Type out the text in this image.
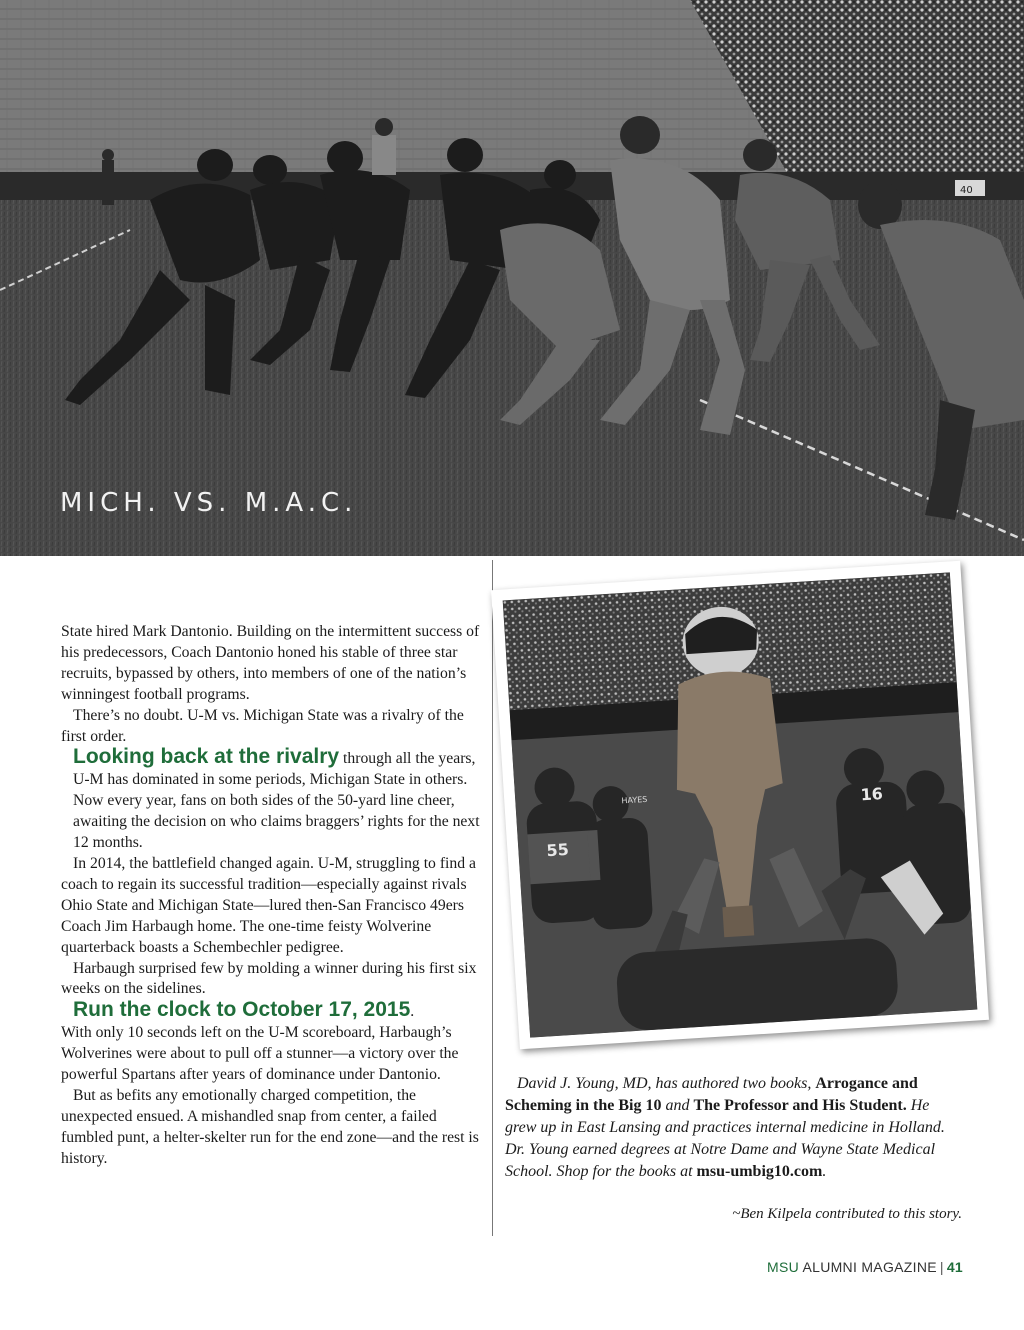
40
MICH. VS. M.A.C.

State hired Mark Dantonio. Building on the intermittent success of his predecessors, Coach Dantonio honed his stable of three star recruits, bypassed by others, into members of one of the nation’s winningest football programs.

There’s no doubt. U-M vs. Michigan State was a rivalry of the first order.

Looking back at the rivalry through all the years, U-M has dominated in some periods, Michigan State in others. Now every year, fans on both sides of the 50-yard line cheer, awaiting the decision on who claims braggers’ rights for the next 12 months.

In 2014, the battlefield changed again. U-M, struggling to find a coach to regain its successful tradition—especially against rivals Ohio State and Michigan State—lured then-San Francisco 49ers Coach Jim Harbaugh home. The one-time feisty Wolverine quarterback boasts a Schembechler pedigree.

Harbaugh surprised few by molding a winner during his first six weeks on the sidelines.

Run the clock to October 17, 2015.

With only 10 seconds left on the U-M scoreboard, Harbaugh’s Wolverines were about to pull off a stunner—a victory over the powerful Spartans after years of dominance under Dantonio.

But as befits any emotionally charged competition, the unexpected ensued. A mishandled snap from center, a failed fumbled punt, a helter-skelter run for the end zone—and the rest is history.

55
16
HAYES
David J. Young, MD, has authored two books, Arrogance and Scheming in the Big 10 and The Professor and His Student. He grew up in East Lansing and practices internal medicine in Holland. Dr. Young earned degrees at Notre Dame and Wayne State Medical School. Shop for the books at msu-umbig10.com.
~Ben Kilpela contributed to this story.
MSU ALUMNI MAGAZINE | 41
